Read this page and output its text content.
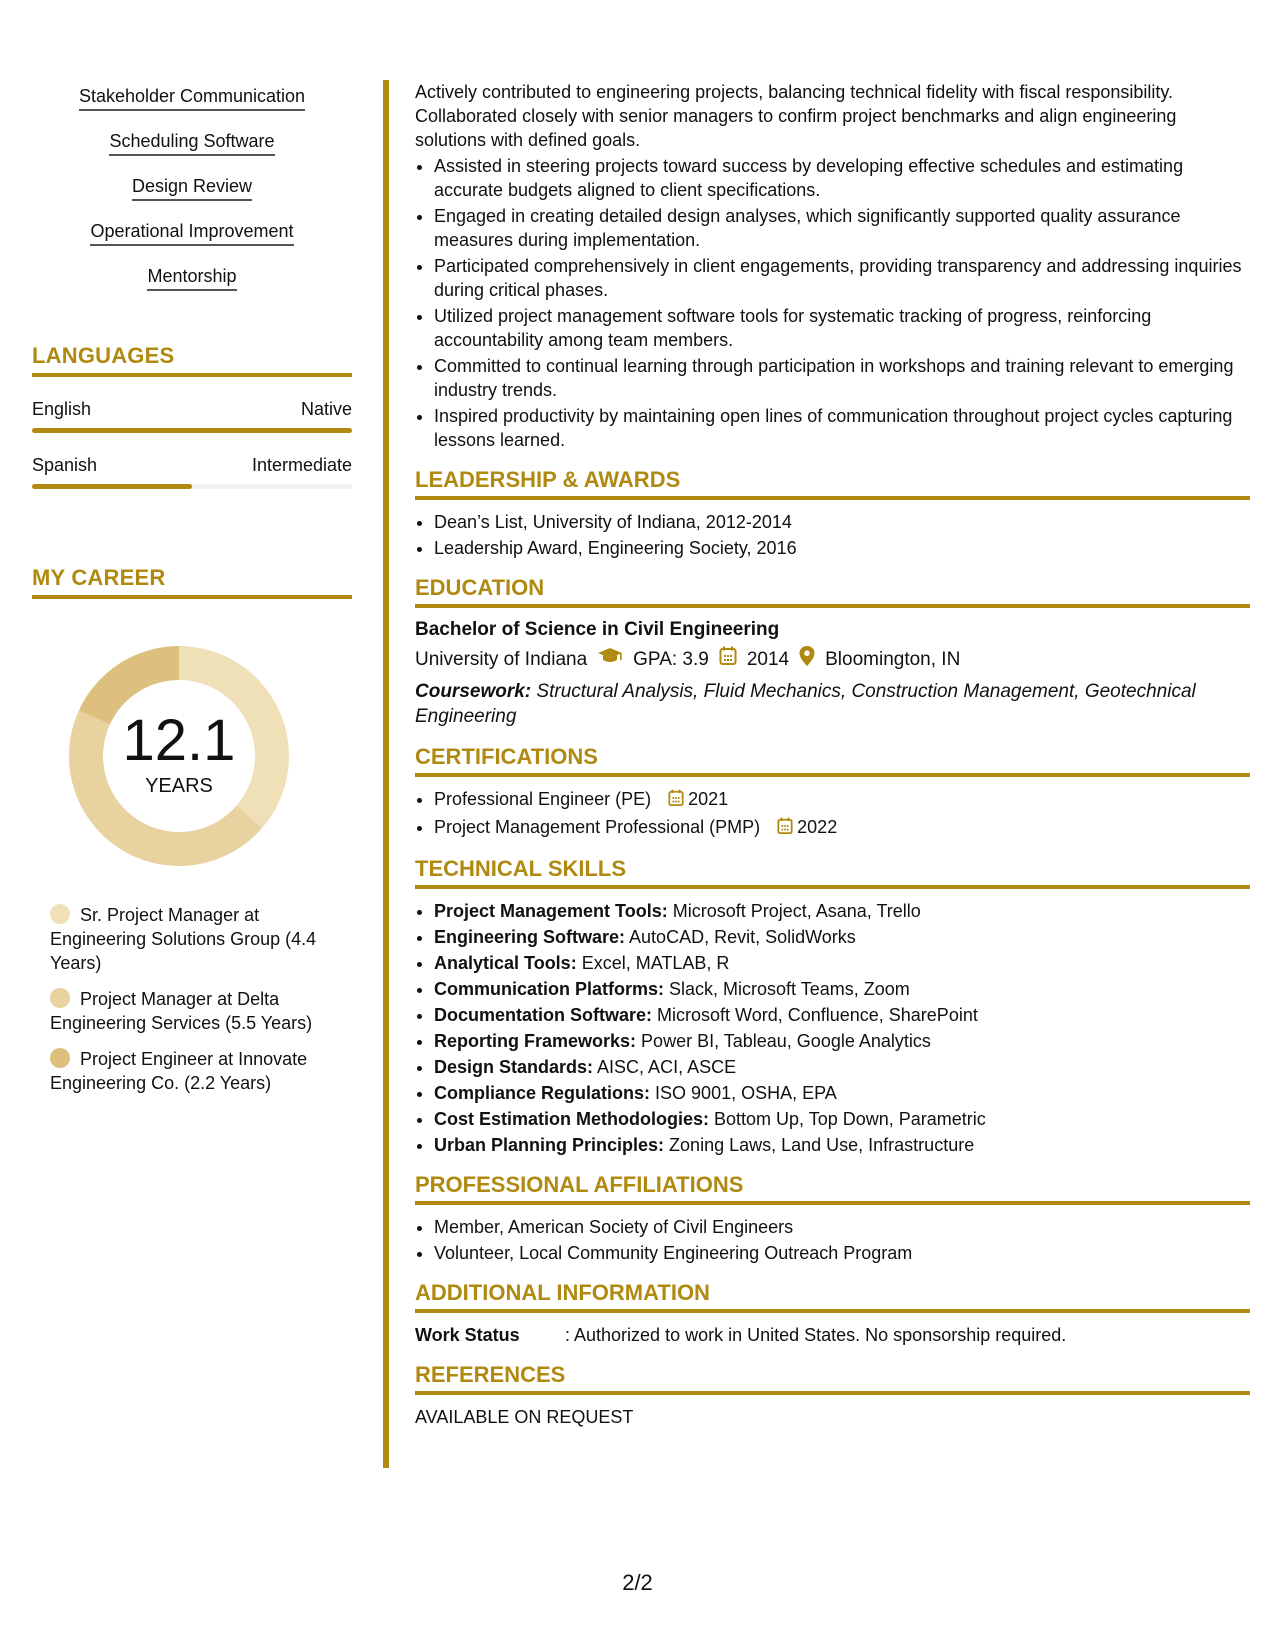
Stakeholder Communication
Scheduling Software
Design Review
Operational Improvement
Mentorship
LANGUAGES
English	Native
Spanish	Intermediate
MY CAREER
12.1
YEARS
Sr. Project Manager at Engineering Solutions Group (4.4 Years)
Project Manager at Delta Engineering Services (5.5 Years)
Project Engineer at Innovate Engineering Co. (2.2 Years)

Actively contributed to engineering projects, balancing technical fidelity with fiscal responsibility. Collaborated closely with senior managers to confirm project benchmarks and align engineering solutions with defined goals.

• Assisted in steering projects toward success by developing effective schedules and estimating accurate budgets aligned to client specifications.
• Engaged in creating detailed design analyses, which significantly supported quality assurance measures during implementation.
• Participated comprehensively in client engagements, providing transparency and addressing inquiries during critical phases.
• Utilized project management software tools for systematic tracking of progress, reinforcing accountability among team members.
• Committed to continual learning through participation in workshops and training relevant to emerging industry trends.
• Inspired productivity by maintaining open lines of communication throughout project cycles capturing lessons learned.
LEADERSHIP & AWARDS
• Dean’s List, University of Indiana, 2012-2014
• Leadership Award, Engineering Society, 2016
EDUCATION
Bachelor of Science in Civil Engineering
University of Indiana GPA: 3.9 2014 Bloomington, IN
Coursework: Structural Analysis, Fluid Mechanics, Construction Management, Geotechnical Engineering
CERTIFICATIONS
• Professional Engineer (PE) 2021
• Project Management Professional (PMP) 2022
TECHNICAL SKILLS
• Project Management Tools: Microsoft Project, Asana, Trello
• Engineering Software: AutoCAD, Revit, SolidWorks
• Analytical Tools: Excel, MATLAB, R
• Communication Platforms: Slack, Microsoft Teams, Zoom
• Documentation Software: Microsoft Word, Confluence, SharePoint
• Reporting Frameworks: Power BI, Tableau, Google Analytics
• Design Standards: AISC, ACI, ASCE
• Compliance Regulations: ISO 9001, OSHA, EPA
• Cost Estimation Methodologies: Bottom Up, Top Down, Parametric
• Urban Planning Principles: Zoning Laws, Land Use, Infrastructure
PROFESSIONAL AFFILIATIONS
• Member, American Society of Civil Engineers
• Volunteer, Local Community Engineering Outreach Program
ADDITIONAL INFORMATION
Work Status	: Authorized to work in United States. No sponsorship required.
REFERENCES
AVAILABLE ON REQUEST
2/2
